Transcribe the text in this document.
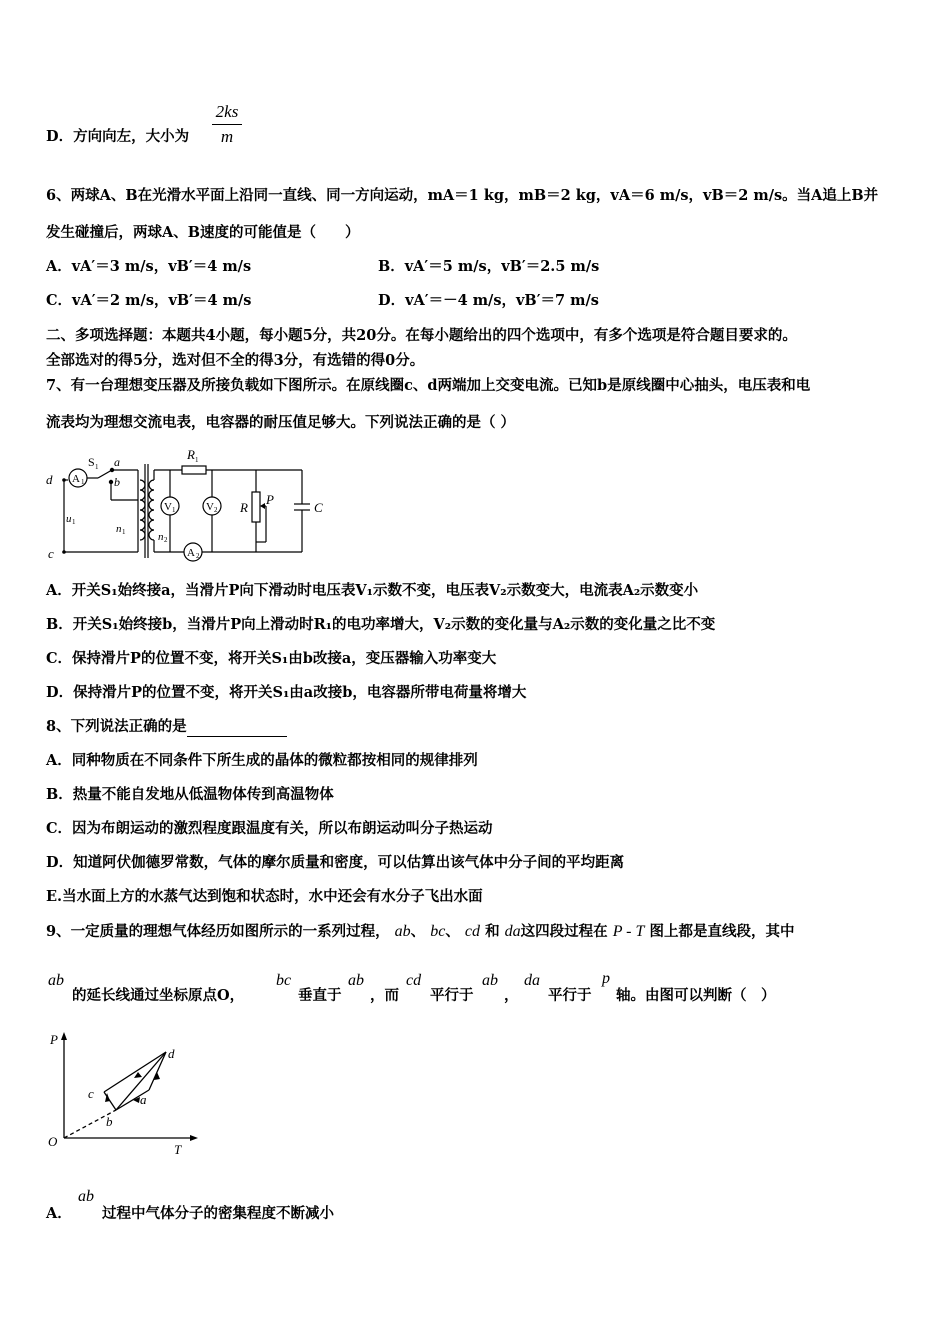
D．方向向左，大小为
2ks
m
6、两球A、B在光滑水平面上沿同一直线、同一方向运动，mA＝1 kg，mB＝2 kg，vA＝6 m/s，vB＝2 m/s。当A追上B并
发生碰撞后，两球A、B速度的可能值是（　　）
A．vA′＝3 m/s，vB′＝4 m/s	B．vA′＝5 m/s，vB′＝2.5 m/s
C．vA′＝2 m/s，vB′＝4 m/s	D．vA′＝－4 m/s，vB′＝7 m/s
二、多项选择题：本题共4小题，每小题5分，共20分。在每小题给出的四个选项中，有多个选项是符合题目要求的。
全部选对的得5分，选对但不全的得3分，有选错的得0分。
7、有一台理想变压器及所接负载如下图所示。在原线圈c、d两端加上交变电流。已知b是原线圈中心抽头，电压表和电
流表均为理想交流电表，电容器的耐压值足够大。下列说法正确的是（ ）
d
c
A 1
S 1 a
b
u 1
n 1	n 2
R 1
V 1	V 2 R
P
C
A 2
A．开关S₁始终接a，当滑片P向下滑动时电压表V₁示数不变，电压表V₂示数变大，电流表A₂示数变小
B．开关S₁始终接b，当滑片P向上滑动时R₁的电功率增大，V₂示数的变化量与A₂示数的变化量之比不变
C．保持滑片P的位置不变，将开关S₁由b改接a，变压器输入功率变大
D．保持滑片P的位置不变，将开关S₁由a改接b，电容器所带电荷量将增大
8、下列说法正确的是
A．同种物质在不同条件下所生成的晶体的微粒都按相同的规律排列
B．热量不能自发地从低温物体传到高温物体
C．因为布朗运动的激烈程度跟温度有关，所以布朗运动叫分子热运动
D．知道阿伏伽德罗常数，气体的摩尔质量和密度，可以估算出该气体中分子间的平均距离
E.当水面上方的水蒸气达到饱和状态时，水中还会有水分子飞出水面
9、一定质量的理想气体经历如图所示的一系列过程， ab、 bc、 cd 和 da这四段过程在 P - T 图上都是直线段，其中
ab
的延长线通过坐标原点O，
bc
垂直于
ab
，而
cd
平行于
ab
，
da
平行于
p
轴。由图可以判断（　）
P
T
O
a
b
c
d
A．
ab
过程中气体分子的密集程度不断减小
